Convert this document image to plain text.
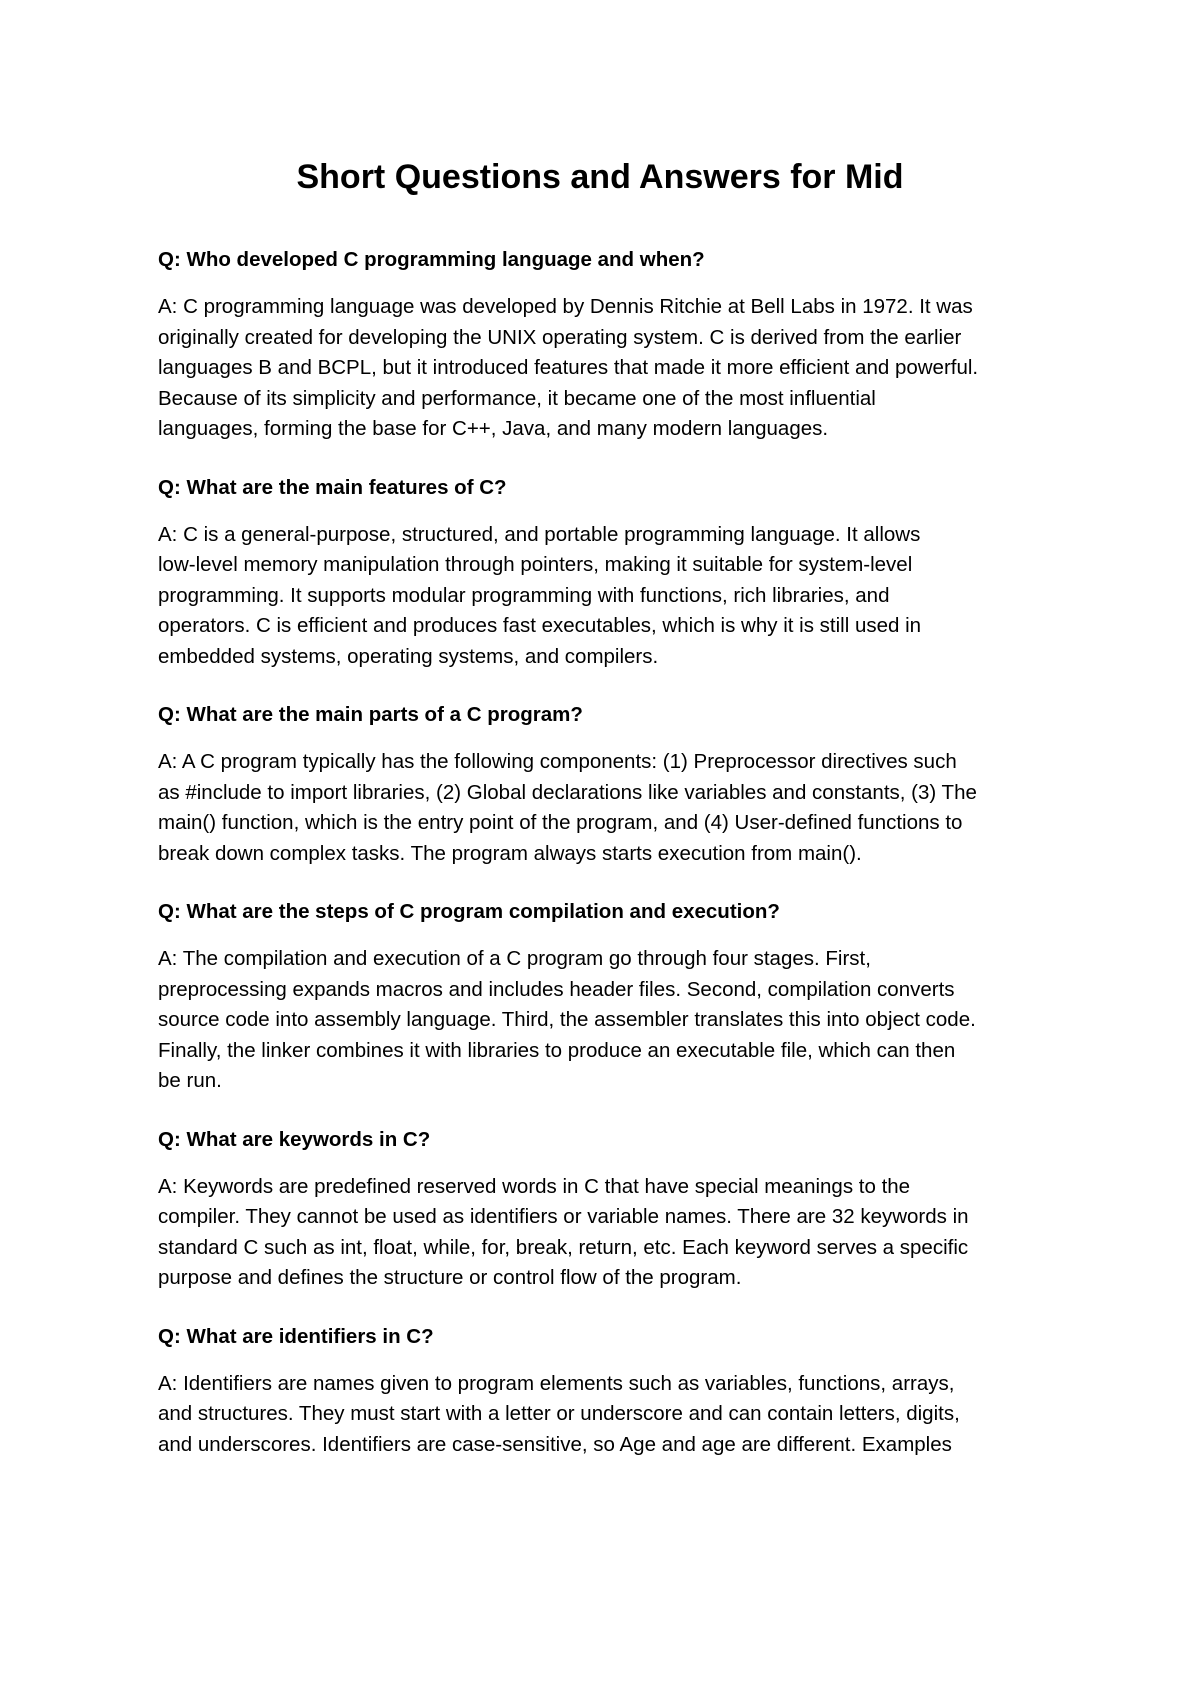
Short Questions and Answers for Mid

Q: Who developed C programming language and when?

A: C programming language was developed by Dennis Ritchie at Bell Labs in 1972. It was
originally created for developing the UNIX operating system. C is derived from the earlier
languages B and BCPL, but it introduced features that made it more efficient and powerful.
Because of its simplicity and performance, it became one of the most influential
languages, forming the base for C++, Java, and many modern languages.

Q: What are the main features of C?

A: C is a general-purpose, structured, and portable programming language. It allows
low-level memory manipulation through pointers, making it suitable for system-level
programming. It supports modular programming with functions, rich libraries, and
operators. C is efficient and produces fast executables, which is why it is still used in
embedded systems, operating systems, and compilers.

Q: What are the main parts of a C program?

A: A C program typically has the following components: (1) Preprocessor directives such
as #include to import libraries, (2) Global declarations like variables and constants, (3) The
main() function, which is the entry point of the program, and (4) User-defined functions to
break down complex tasks. The program always starts execution from main().

Q: What are the steps of C program compilation and execution?

A: The compilation and execution of a C program go through four stages. First,
preprocessing expands macros and includes header files. Second, compilation converts
source code into assembly language. Third, the assembler translates this into object code.
Finally, the linker combines it with libraries to produce an executable file, which can then
be run.

Q: What are keywords in C?

A: Keywords are predefined reserved words in C that have special meanings to the
compiler. They cannot be used as identifiers or variable names. There are 32 keywords in
standard C such as int, float, while, for, break, return, etc. Each keyword serves a specific
purpose and defines the structure or control flow of the program.

Q: What are identifiers in C?

A: Identifiers are names given to program elements such as variables, functions, arrays,
and structures. They must start with a letter or underscore and can contain letters, digits,
and underscores. Identifiers are case-sensitive, so Age and age are different. Examples
